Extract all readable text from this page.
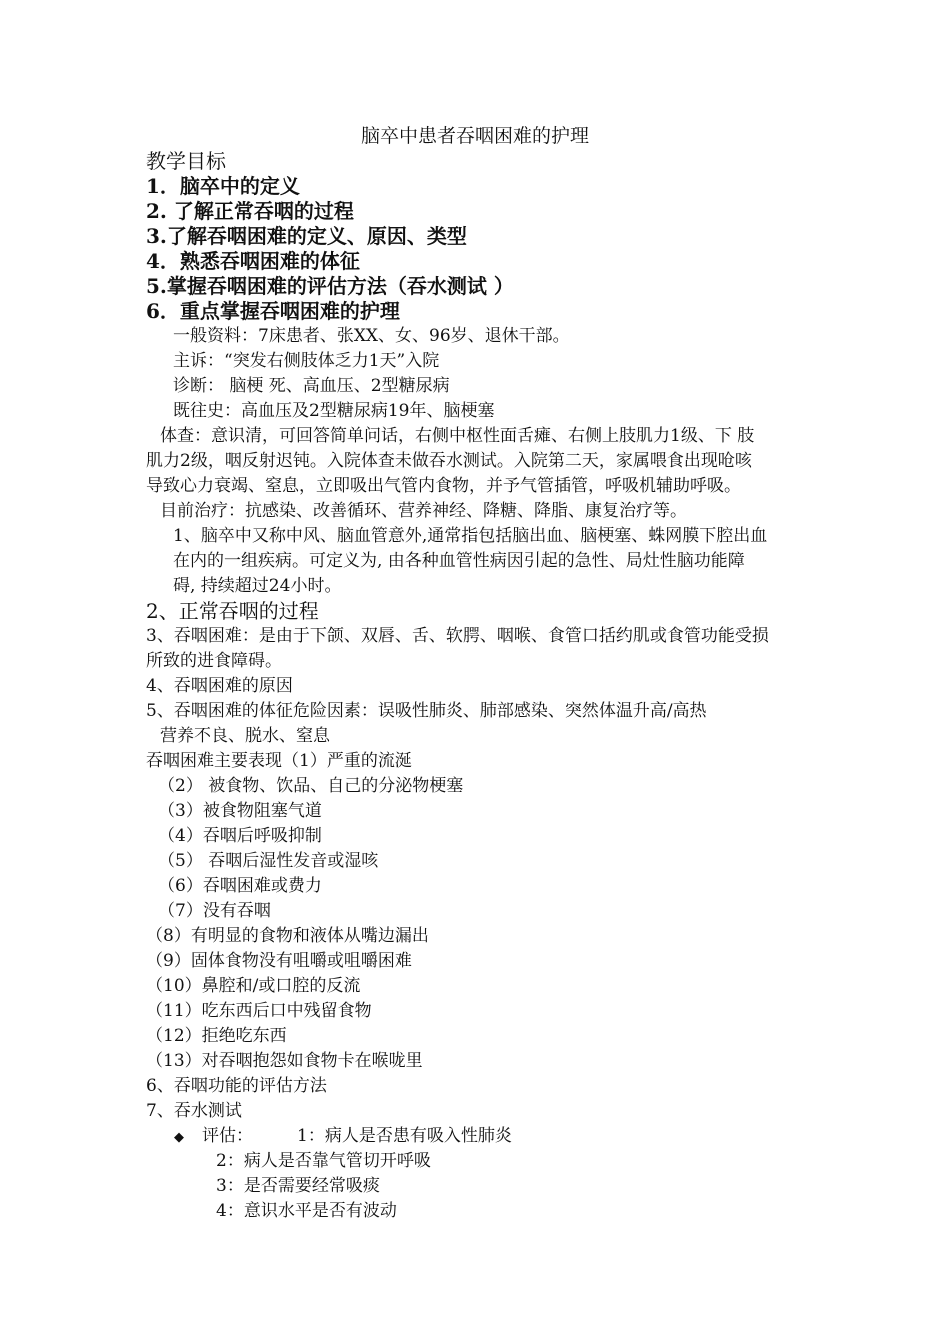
脑卒中患者吞咽困难的护理

教学目标

1．脑卒中的定义

2. 了解正常吞咽的过程

3.了解吞咽困难的定义、原因、类型

4．熟悉吞咽困难的体征

5.掌握吞咽困难的评估方法（吞水测试 ）

6．重点掌握吞咽困难的护理

一般资料：7床患者、张XX、女、96岁、退休干部。

主诉：“突发右侧肢体乏力1天”入院

诊断： 脑梗 死、高血压、2型糖尿病

既往史：高血压及2型糖尿病19年、脑梗塞

体查：意识清，可回答简单问话，右侧中枢性面舌瘫、右侧上肢肌力1级、下 肢

肌力2级，咽反射迟钝。入院体查未做吞水测试。入院第二天，家属喂食出现呛咳

导致心力衰竭、窒息，立即吸出气管内食物，并予气管插管，呼吸机辅助呼吸。

目前治疗：抗感染、改善循环、营养神经、降糖、降脂、康复治疗等。

1、脑卒中又称中风、脑血管意外,通常指包括脑出血、脑梗塞、蛛网膜下腔出血

在内的一组疾病。可定义为, 由各种血管性病因引起的急性、局灶性脑功能障

碍, 持续超过24小时。

2、正常吞咽的过程

3、吞咽困难：是由于下颌、双唇、舌、软腭、咽喉、食管口括约肌或食管功能受损

所致的进食障碍。

4、吞咽困难的原因

5、吞咽困难的体征危险因素：误吸性肺炎、肺部感染、突然体温升高/高热

营养不良、脱水、窒息

吞咽困难主要表现（1）严重的流涎

（2） 被食物、饮品、自己的分泌物梗塞

（3）被食物阻塞气道

（4）吞咽后呼吸抑制

（5） 吞咽后湿性发音或湿咳

（6）吞咽困难或费力

（7）没有吞咽

（8）有明显的食物和液体从嘴边漏出

（9）固体食物没有咀嚼或咀嚼困难

（10）鼻腔和/或口腔的反流

（11）吃东西后口中残留食物

（12）拒绝吃东西

（13）对吞咽抱怨如食物卡在喉咙里

6、吞咽功能的评估方法

7、吞水测试

◆ 评估：	1：病人是否患有吸入性肺炎

2：病人是否靠气管切开呼吸

3：是否需要经常吸痰

4：意识水平是否有波动
